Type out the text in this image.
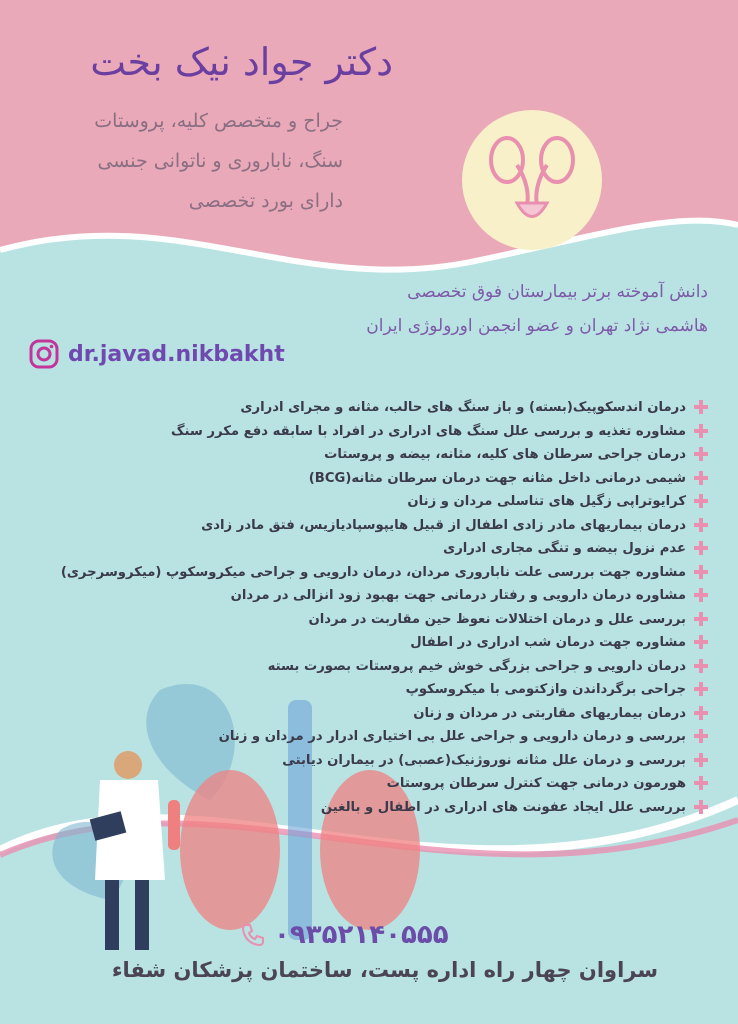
دکتر جواد نیک بخت
جراح و متخصص کلیه، پروستات
سنگ، ناباروری و ناتوانی جنسی
دارای بورد تخصصی
دانش آموخته برتر بیمارستان فوق تخصصی
هاشمی نژاد تهران و عضو انجمن اورولوژی ایران
dr.javad.nikbakht
درمان اندسکوپیک(بسته) و باز سنگ های حالب، مثانه و مجرای ادراری
مشاوره تغذیه و بررسی علل سنگ های ادراری در افراد با سابقه دفع مکرر سنگ
درمان جراحی سرطان های کلیه، مثانه، بیضه و پروستات
شیمی درمانی داخل مثانه جهت درمان سرطان مثانه(BCG)
کرایوتراپی زگیل های تناسلی مردان و زنان
درمان بیماریهای مادر زادی اطفال از قبیل هایپوسپادیازیس، فتق مادر زادی
عدم نزول بیضه و تنگی مجاری ادراری
مشاوره جهت بررسی علت ناباروری مردان، درمان دارویی و جراحی میکروسکوپ (میکروسرجری)
مشاوره درمان دارویی و رفتار درمانی جهت بهبود زود انزالی در مردان
بررسی علل و درمان اختلالات نعوظ حین مقاربت در مردان
مشاوره جهت درمان شب ادراری در اطفال
درمان دارویی و جراحی بزرگی خوش خیم پروستات بصورت بسته
جراحی برگرداندن وازکتومی با میکروسکوپ
درمان بیماریهای مقاربتی در مردان و زنان
بررسی و درمان دارویی و جراحی علل بی اختیاری ادرار در مردان و زنان
بررسی و درمان علل مثانه نوروژنیک(عصبی) در بیماران دیابتی
هورمون درمانی جهت کنترل سرطان پروستات
بررسی علل ایجاد عفونت های ادراری در اطفال و بالغین
۰۹۳۵۲۱۴۰۵۵۵
سراوان چهار راه اداره پست، ساختمان پزشکان شفاء
